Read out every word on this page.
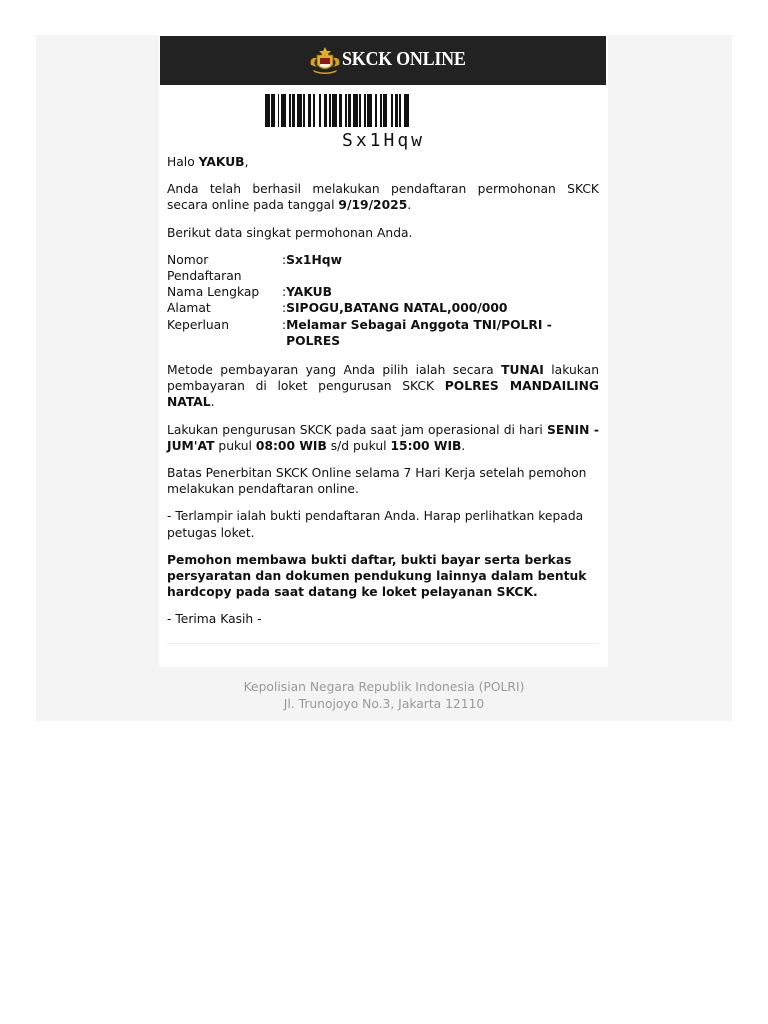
SKCK ONLINE
Sx1Hqw

Halo YAKUB,

Anda telah berhasil melakukan pendaftaran permohonan SKCK secara online pada tanggal 9/19/2025.

Berikut data singkat permohonan Anda.

Nomor Pendaftaran	:	Sx1Hqw
Nama Lengkap	:	YAKUB
Alamat	:	SIPOGU,BATANG NATAL,000/000
Keperluan	:	Melamar Sebagai Anggota TNI/POLRI - POLRES

Metode pembayaran yang Anda pilih ialah secara TUNAI lakukan pembayaran di loket pengurusan SKCK POLRES MANDAILING NATAL.

Lakukan pengurusan SKCK pada saat jam operasional di hari SENIN - JUM'AT pukul 08:00 WIB s/d pukul 15:00 WIB.

Batas Penerbitan SKCK Online selama 7 Hari Kerja setelah pemohon melakukan pendaftaran online.

- Terlampir ialah bukti pendaftaran Anda. Harap perlihatkan kepada petugas loket.

Pemohon membawa bukti daftar, bukti bayar serta berkas persyaratan dan dokumen pendukung lainnya dalam bentuk hardcopy pada saat datang ke loket pelayanan SKCK.

- Terima Kasih -

Kepolisian Negara Republik Indonesia (POLRI)
Jl. Trunojoyo No.3, Jakarta 12110
